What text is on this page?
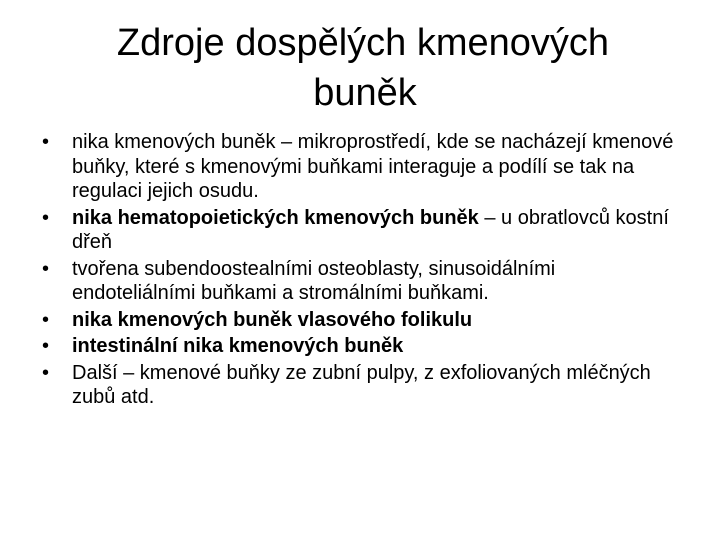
Zdroje dospělých kmenových
buněk
•	nika kmenových buněk – mikroprostředí, kde se nacházejí kmenové buňky, které s kmenovými buňkami interaguje a podílí se tak na regulaci jejich osudu.
•	nika hematopoietických kmenových buněk – u obratlovců kostní dřeň
•	tvořena subendoostealními osteoblasty, sinusoidálními endoteliálními buňkami a stromálními buňkami.
•	nika kmenových buněk vlasového folikulu
•	intestinální nika kmenových buněk
•	Další – kmenové buňky ze zubní pulpy, z exfoliovaných mléčných zubů atd.
